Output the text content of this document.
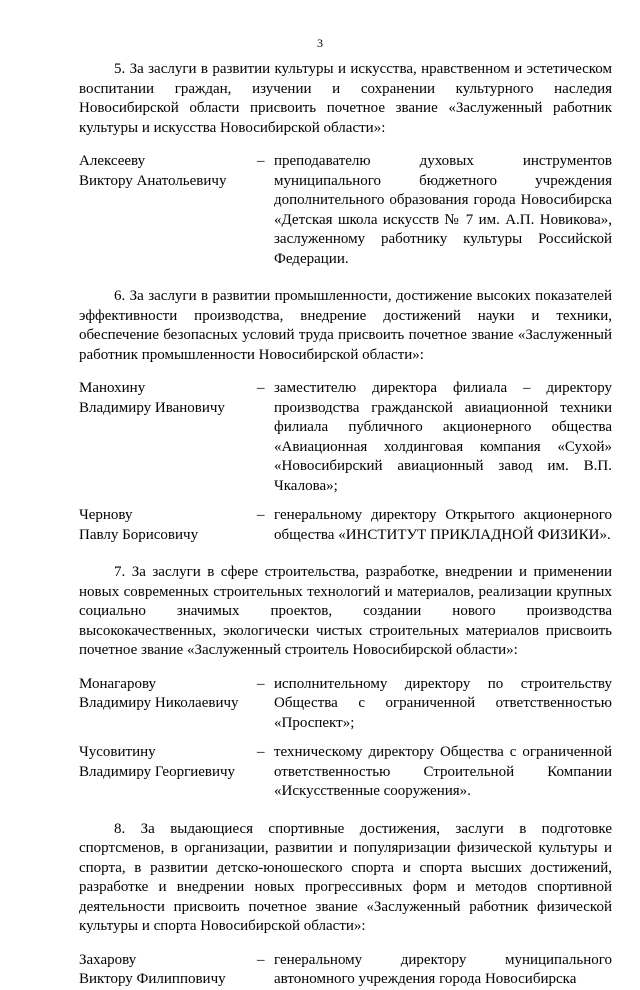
3

5. За заслуги в развитии культуры и искусства, нравственном и эстетическом воспитании граждан, изучении и сохранении культурного наследия Новосибирской области присвоить почетное звание «Заслуженный работник культуры и искусства Новосибирской области»:

Алексееву
Виктору Анатольевичу
– преподавателю духовых инструментов муниципального бюджетного учреждения дополнительного образования города Новосибирска «Детская школа искусств № 7 им. А.П. Новикова», заслуженному работнику культуры Российской Федерации.

6. За заслуги в развитии промышленности, достижение высоких показателей эффективности производства, внедрение достижений науки и техники, обеспечение безопасных условий труда присвоить почетное звание «Заслуженный работник промышленности Новосибирской области»:

Манохину
Владимиру Ивановичу
– заместителю директора филиала – директору производства гражданской авиационной техники филиала публичного акционерного общества «Авиационная холдинговая компания «Сухой» «Новосибирский авиационный завод им. В.П. Чкалова»;
Чернову
Павлу Борисовичу
– генеральному директору Открытого акционерного общества «ИНСТИТУТ ПРИКЛАДНОЙ ФИЗИКИ».

7. За заслуги в сфере строительства, разработке, внедрении и применении новых современных строительных технологий и материалов, реализации крупных социально значимых проектов, создании нового производства высококачественных, экологически чистых строительных материалов присвоить почетное звание «Заслуженный строитель Новосибирской области»:

Монагарову
Владимиру Николаевичу
– исполнительному директору по строительству Общества с ограниченной ответственностью «Проспект»;
Чусовитину
Владимиру Георгиевичу
– техническому директору Общества с ограниченной ответственностью Строительной Компании «Искусственные сооружения».

8. За выдающиеся спортивные достижения, заслуги в подготовке спортсменов, в организации, развитии и популяризации физической культуры и спорта, в развитии детско-юношеского спорта и спорта высших достижений, разработке и внедрении новых прогрессивных форм и методов спортивной деятельности присвоить почетное звание «Заслуженный работник физической культуры и спорта Новосибирской области»:

Захарову
Виктору Филипповичу
– генеральному директору муниципального автономного учреждения города Новосибирска
